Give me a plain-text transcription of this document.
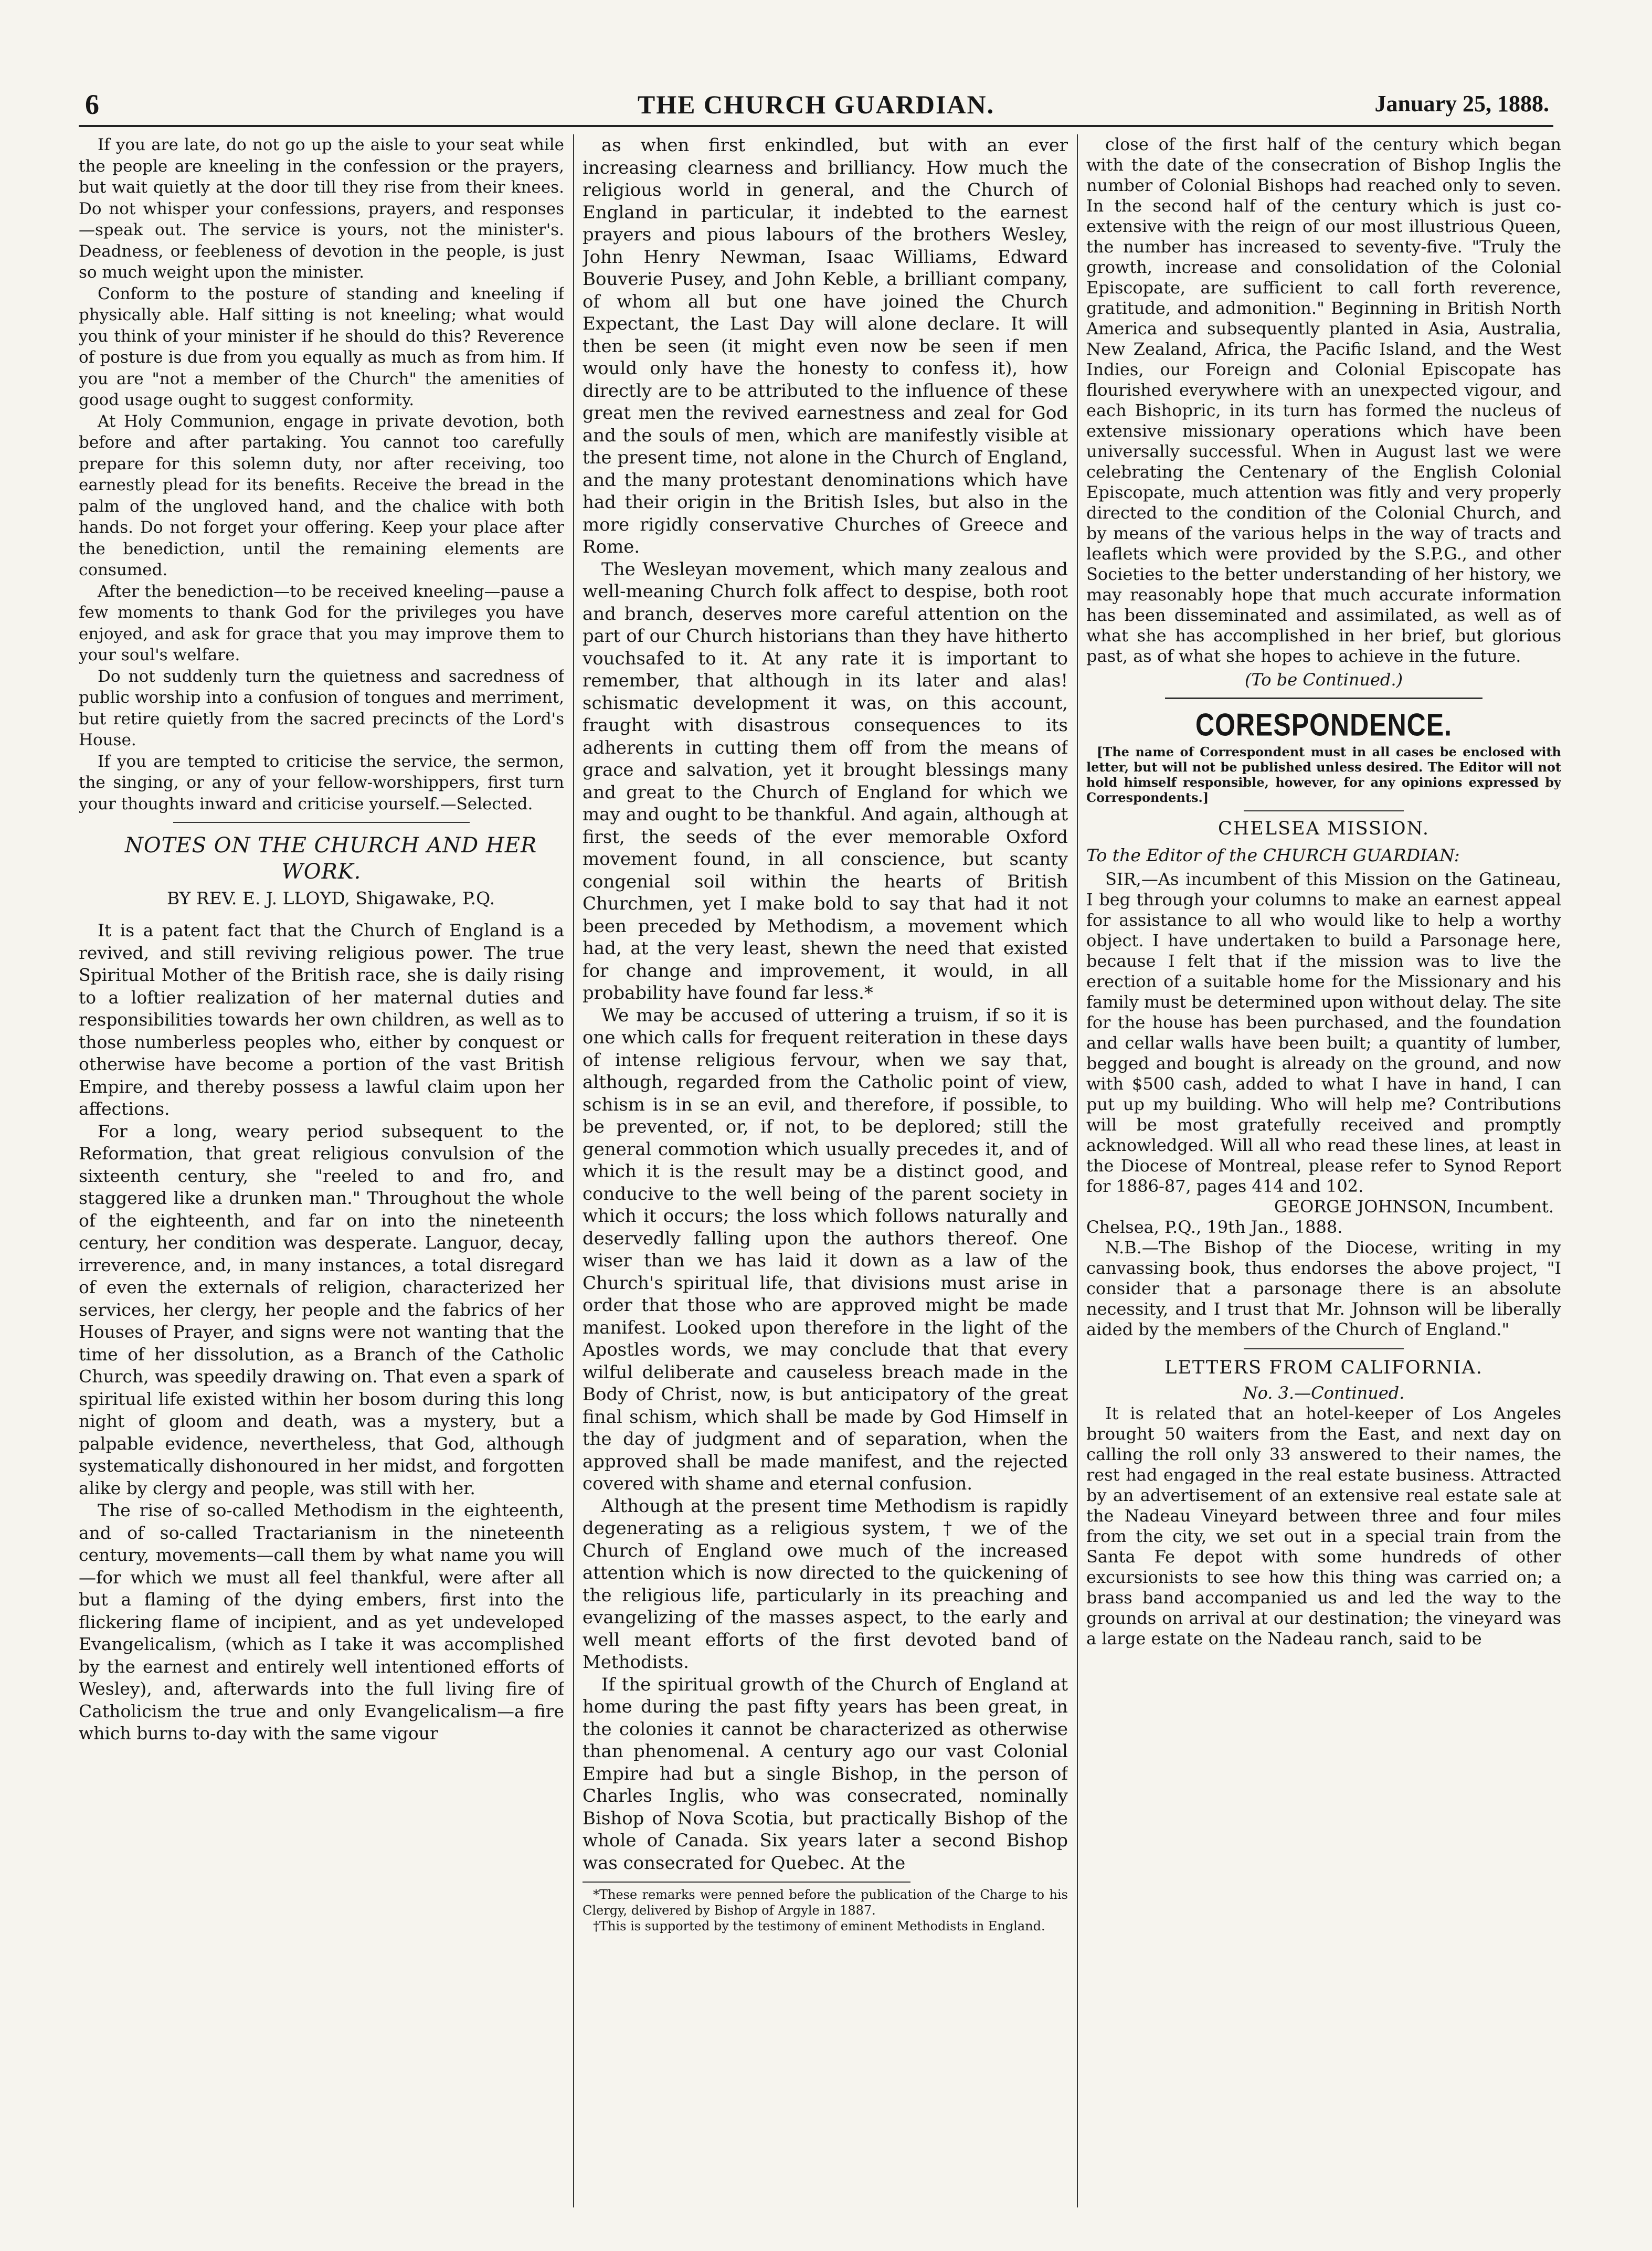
6	THE CHURCH GUARDIAN.	January 25, 1888.

If you are late, do not go up the aisle to your seat while the people are kneeling in the confession or the prayers, but wait quietly at the door till they rise from their knees. Do not whisper your confessions, prayers, and responses—speak out. The service is yours, not the minister's. Deadness, or feebleness of devotion in the people, is just so much weight upon the minister.

Conform to the posture of standing and kneeling if physically able. Half sitting is not kneeling; what would you think of your minister if he should do this? Reverence of posture is due from you equally as much as from him. If you are "not a member of the Church" the amenities of good usage ought to suggest conformity.

At Holy Communion, engage in private devotion, both before and after partaking. You cannot too carefully prepare for this solemn duty, nor after receiving, too earnestly plead for its benefits. Receive the bread in the palm of the ungloved hand, and the chalice with both hands. Do not forget your offering. Keep your place after the benediction, until the remaining elements are consumed.

After the benediction—to be received kneeling—pause a few moments to thank God for the privileges you have enjoyed, and ask for grace that you may improve them to your soul's welfare.

Do not suddenly turn the quietness and sacredness of public worship into a confusion of tongues and merriment, but retire quietly from the sacred precincts of the Lord's House.

If you are tempted to criticise the service, the sermon, the singing, or any of your fellow-worshippers, first turn your thoughts inward and criticise yourself.—Selected.

NOTES ON THE CHURCH AND HER WORK.

BY REV. E. J. LLOYD, Shigawake, P.Q.

It is a patent fact that the Church of England is a revived, and still reviving religious power. The true Spiritual Mother of the British race, she is daily rising to a loftier realization of her maternal duties and responsibilities towards her own children, as well as to those numberless peoples who, either by conquest or otherwise have become a portion of the vast British Empire, and thereby possess a lawful claim upon her affections.

For a long, weary period subsequent to the Reformation, that great religious convulsion of the sixteenth century, she "reeled to and fro, and staggered like a drunken man." Throughout the whole of the eighteenth, and far on into the nineteenth century, her condition was desperate. Languor, decay, irreverence, and, in many instances, a total disregard of even the externals of religion, characterized her services, her clergy, her people and the fabrics of her Houses of Prayer, and signs were not wanting that the time of her dissolution, as a Branch of the Catholic Church, was speedily drawing on. That even a spark of spiritual life existed within her bosom during this long night of gloom and death, was a mystery, but a palpable evidence, nevertheless, that God, although systematically dishonoured in her midst, and forgotten alike by clergy and people, was still with her.

The rise of so-called Methodism in the eighteenth, and of so-called Tractarianism in the nineteenth century, movements—call them by what name you will—for which we must all feel thankful, were after all but a flaming of the dying embers, first into the flickering flame of incipient, and as yet undeveloped Evangelicalism, (which as I take it was accomplished by the earnest and entirely well intentioned efforts of Wesley), and, afterwards into the full living fire of Catholicism the true and only Evangelicalism—a fire which burns to-day with the same vigour

as when first enkindled, but with an ever increasing clearness and brilliancy. How much the religious world in general, and the Church of England in particular, it indebted to the earnest prayers and pious labours of the brothers Wesley, John Henry Newman, Isaac Williams, Edward Bouverie Pusey, and John Keble, a brilliant company, of whom all but one have joined the Church Expectant, the Last Day will alone declare. It will then be seen (it might even now be seen if men would only have the honesty to confess it), how directly are to be attributed to the influence of these great men the revived earnestness and zeal for God and the souls of men, which are manifestly visible at the present time, not alone in the Church of England, and the many protestant denominations which have had their origin in the British Isles, but also in the more rigidly conservative Churches of Greece and Rome.

The Wesleyan movement, which many zealous and well-meaning Church folk affect to despise, both root and branch, deserves more careful attention on the part of our Church historians than they have hitherto vouchsafed to it. At any rate it is important to remember, that although in its later and alas! schismatic development it was, on this account, fraught with disastrous consequences to its adherents in cutting them off from the means of grace and salvation, yet it brought blessings many and great to the Church of England for which we may and ought to be thankful. And again, although at first, the seeds of the ever memorable Oxford movement found, in all conscience, but scanty congenial soil within the hearts of British Churchmen, yet I make bold to say that had it not been preceded by Methodism, a movement which had, at the very least, shewn the need that existed for change and improvement, it would, in all probability have found far less.*

We may be accused of uttering a truism, if so it is one which calls for frequent reiteration in these days of intense religious fervour, when we say that, although, regarded from the Catholic point of view, schism is in se an evil, and therefore, if possible, to be prevented, or, if not, to be deplored; still the general commotion which usually precedes it, and of which it is the result may be a distinct good, and conducive to the well being of the parent society in which it occurs; the loss which follows naturally and deservedly falling upon the authors thereof. One wiser than we has laid it down as a law of the Church's spiritual life, that divisions must arise in order that those who are approved might be made manifest. Looked upon therefore in the light of the Apostles words, we may conclude that that every wilful deliberate and causeless breach made in the Body of Christ, now, is but anticipatory of the great final schism, which shall be made by God Himself in the day of judgment and of separation, when the approved shall be made manifest, and the rejected covered with shame and eternal confusion.

Although at the present time Methodism is rapidly degenerating as a religious system, † we of the Church of England owe much of the increased attention which is now directed to the quickening of the religious life, particularly in its preaching and evangelizing of the masses aspect, to the early and well meant efforts of the first devoted band of Methodists.

If the spiritual growth of the Church of England at home during the past fifty years has been great, in the colonies it cannot be characterized as otherwise than phenomenal. A century ago our vast Colonial Empire had but a single Bishop, in the person of Charles Inglis, who was consecrated, nominally Bishop of Nova Scotia, but practically Bishop of the whole of Canada. Six years later a second Bishop was consecrated for Quebec. At the

*These remarks were penned before the publication of the Charge to his Clergy, delivered by Bishop of Argyle in 1887.

†This is supported by the testimony of eminent Methodists in England.

close of the first half of the century which began with the date of the consecration of Bishop Inglis the number of Colonial Bishops had reached only to seven. In the second half of the century which is just co-extensive with the reign of our most illustrious Queen, the number has increased to seventy-five. "Truly the growth, increase and consolidation of the Colonial Episcopate, are sufficient to call forth reverence, gratitude, and admonition." Beginning in British North America and subsequently planted in Asia, Australia, New Zealand, Africa, the Pacific Island, and the West Indies, our Foreign and Colonial Episcopate has flourished everywhere with an unexpected vigour, and each Bishopric, in its turn has formed the nucleus of extensive missionary operations which have been universally successful. When in August last we were celebrating the Centenary of the English Colonial Episcopate, much attention was fitly and very properly directed to the condition of the Colonial Church, and by means of the various helps in the way of tracts and leaflets which were provided by the S.P.G., and other Societies to the better understanding of her history, we may reasonably hope that much accurate information has been disseminated and assimilated, as well as of what she has accomplished in her brief, but glorious past, as of what she hopes to achieve in the future.

(To be Continued.)

CORESPONDENCE.

[The name of Correspondent must in all cases be enclosed with letter, but will not be published unless desired. The Editor will not hold himself responsible, however, for any opinions expressed by Correspondents.]

CHELSEA MISSION.

To the Editor of the CHURCH GUARDIAN:

SIR,—As incumbent of this Mission on the Gatineau, I beg through your columns to make an earnest appeal for assistance to all who would like to help a worthy object. I have undertaken to build a Parsonage here, because I felt that if the mission was to live the erection of a suitable home for the Missionary and his family must be determined upon without delay. The site for the house has been purchased, and the foundation and cellar walls have been built; a quantity of lumber, begged and bought is already on the ground, and now with $500 cash, added to what I have in hand, I can put up my building. Who will help me? Contributions will be most gratefully received and promptly acknowledged. Will all who read these lines, at least in the Diocese of Montreal, please refer to Synod Report for 1886-87, pages 414 and 102.

GEORGE JOHNSON, Incumbent.

Chelsea, P.Q., 19th Jan., 1888.

N.B.—The Bishop of the Diocese, writing in my canvassing book, thus endorses the above project, "I consider that a parsonage there is an absolute necessity, and I trust that Mr. Johnson will be liberally aided by the members of the Church of England."

LETTERS FROM CALIFORNIA.

No. 3.—Continued.

It is related that an hotel-keeper of Los Angeles brought 50 waiters from the East, and next day on calling the roll only 33 answered to their names, the rest had engaged in the real estate business. Attracted by an advertisement of an extensive real estate sale at the Nadeau Vineyard between three and four miles from the city, we set out in a special train from the Santa Fe depot with some hundreds of other excursionists to see how this thing was carried on; a brass band accompanied us and led the way to the grounds on arrival at our destination; the vineyard was a large estate on the Nadeau ranch, said to be
